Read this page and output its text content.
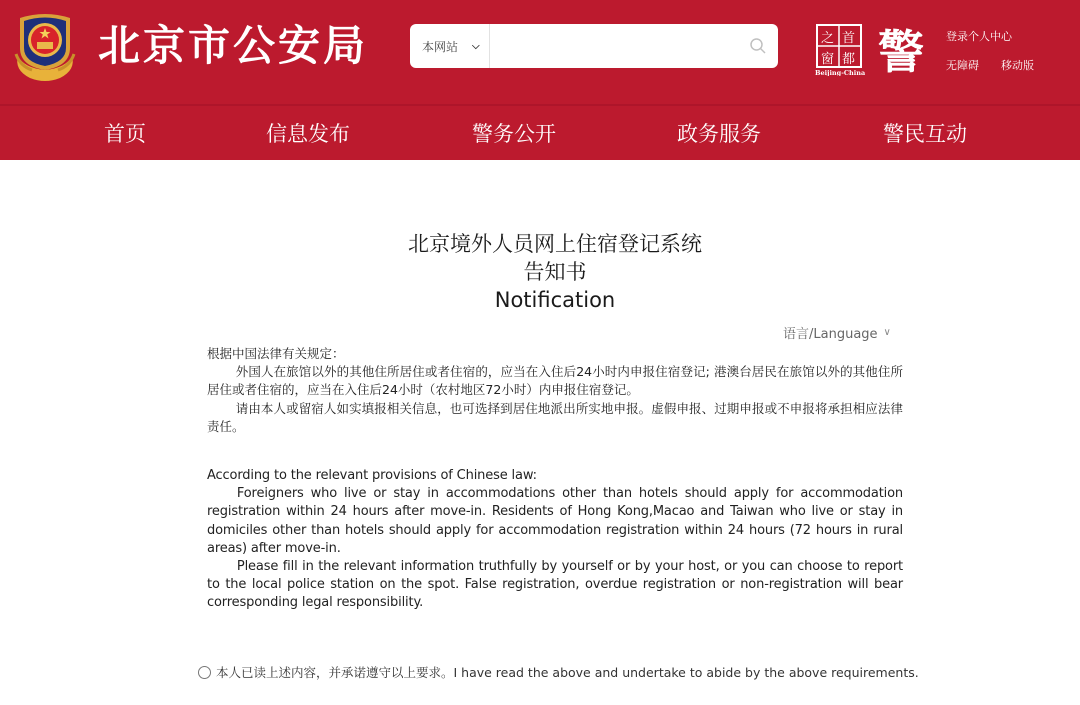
北京市公安局	本网站 ⌵	之 首
窗 都
Beijing-China 警 登录个人中心
无障碍 移动版
首页	信息发布	警务公开	政务服务	警民互动
北京境外人员网上住宿登记系统
告知书
Notification
语言/Language ∨

根据中国法律有关规定：

外国人在旅馆以外的其他住所居住或者住宿的，应当在入住后24小时内申报住宿登记; 港澳台居民在旅馆以外的其他住所居住或者住宿的，应当在入住后24小时（农村地区72小时）内申报住宿登记。

请由本人或留宿人如实填报相关信息，也可选择到居住地派出所实地申报。虚假申报、过期申报或不申报将承担相应法律责任。

According to the relevant provisions of Chinese law:

Foreigners who live or stay in accommodations other than hotels should apply for accommodation registration within 24 hours after move-in. Residents of Hong Kong,Macao and Taiwan who live or stay in domiciles other than hotels should apply for accommodation registration within 24 hours (72 hours in rural areas) after move-in.

Please fill in the relevant information truthfully by yourself or by your host, or you can choose to report to the local police station on the spot. False registration, overdue registration or non-registration will bear corresponding legal responsibility.

本人已读上述内容，并承诺遵守以上要求。I have read the above and undertake to abide by the above requirements.
